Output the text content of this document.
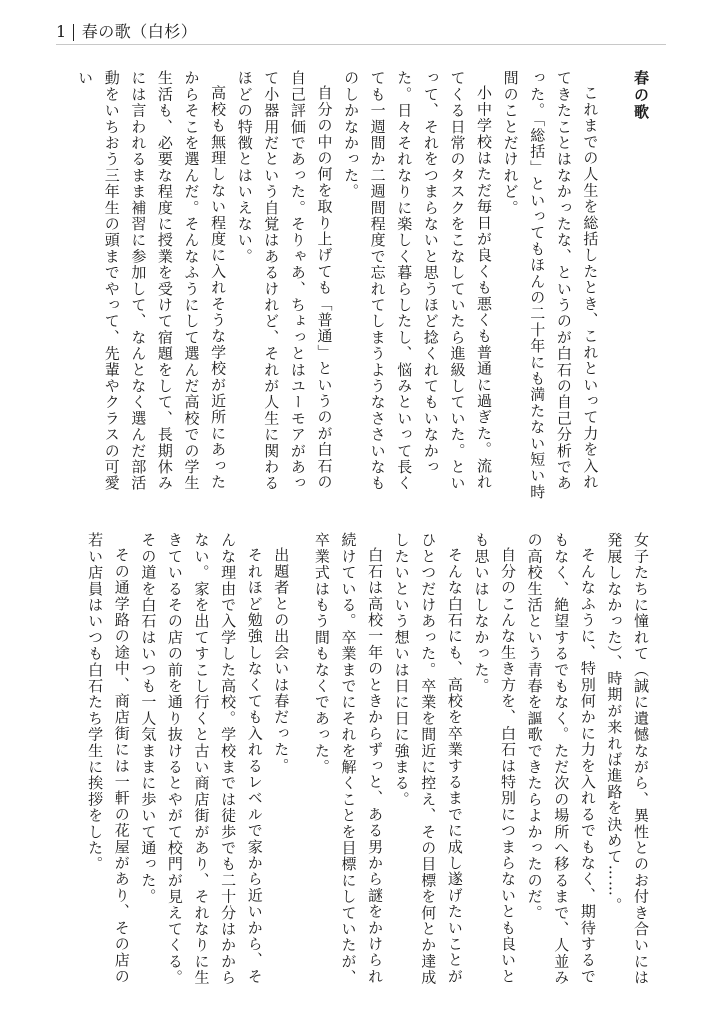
1 春の歌（白杉）

春の歌

これまでの人生を総括したとき、これといって力を入れてきたことはなかったな、というのが白石の自己分析であった。「総括」といってもほんの二十年にも満たない短い時間のことだけれど。

小中学校はただ毎日が良くも悪くも普通に過ぎた。流れてくる日常のタスクをこなしていたら進級していた。といって、それをつまらないと思うほど捻くれてもいなかった。日々それなりに楽しく暮らしたし、悩みといって長くても一週間か二週間程度で忘れてしまうようなささいなものしかなかった。

自分の中の何を取り上げても「普通」というのが白石の自己評価であった。そりゃあ、ちょっとはユーモアがあって小器用だという自覚はあるけれど、それが人生に関わるほどの特徴とはいえない。

高校も無理しない程度に入れそうな学校が近所にあったからそこを選んだ。そんなふうにして選んだ高校での学生生活も、必要な程度に授業を受けて宿題をして、長期休みには言われるまま補習に参加して、なんとなく選んだ部活動をいちおう三年生の頭までやって、先輩やクラスの可愛い

女子たちに憧れて（誠に遺憾ながら、異性とのお付き合いには発展しなかった）、時期が来れば進路を決めて……。

そんなふうに、特別何かに力を入れるでもなく、期待するでもなく、絶望するでもなく。ただ次の場所へ移るまで、人並みの高校生活という青春を謳歌できたらよかったのだ。

自分のこんな生き方を、白石は特別につまらないとも良いとも思いはしなかった。

そんな白石にも、高校を卒業するまでに成し遂げたいことがひとつだけあった。卒業を間近に控え、その目標を何とか達成したいという想いは日に日に強まる。

白石は高校一年のときからずっと、ある男から謎をかけられ続けている。卒業までにそれを解くことを目標にしていたが、卒業式はもう間もなくであった。

出題者との出会いは春だった。

それほど勉強しなくても入れるレベルで家から近いから、そんな理由で入学した高校。学校までは徒歩でも二十分はかからない。家を出てすこし行くと古い商店街があり、それなりに生きているその店の前を通り抜けるとやがて校門が見えてくる。その道を白石はいつも一人気ままに歩いて通った。

その通学路の途中、商店街には一軒の花屋があり、その店の若い店員はいつも白石たち学生に挨拶をした。
